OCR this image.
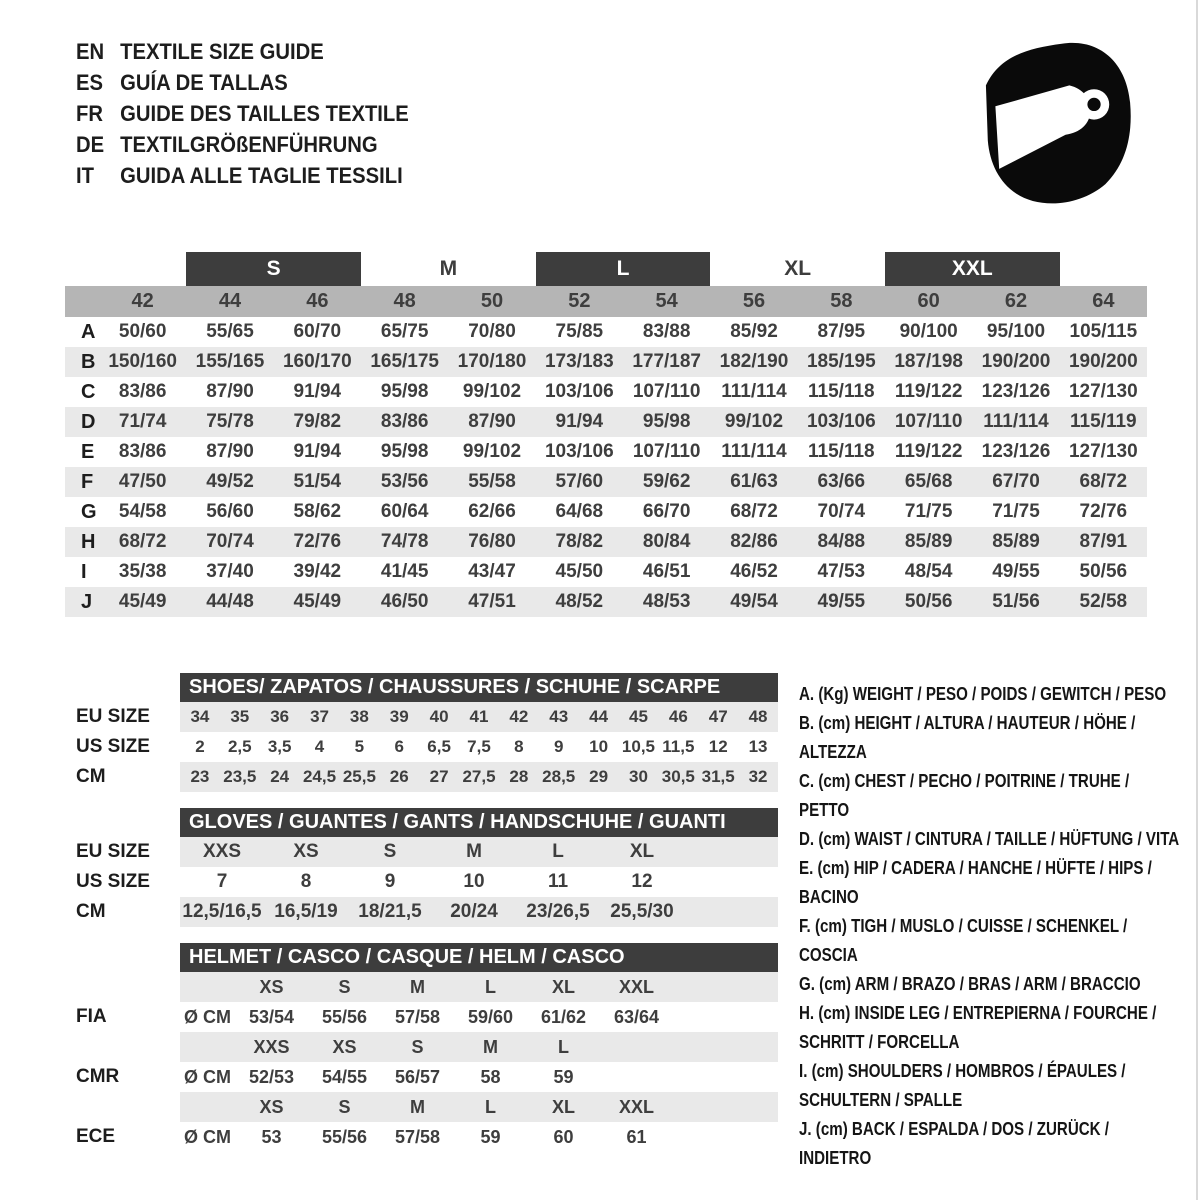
EN TEXTILE SIZE GUIDE
ES GUÍA DE TALLAS
FR GUIDE DES TAILLES TEXTILE
DE TEXTILGRÖßENFÜHRUNG
IT	GUIDA ALLE TAGLIE TESSILI
S	M	L	XL	XXL
42	44	46	48	50	52	54	56	58	60	62	64
A	50/60	55/65	60/70	65/75	70/80	75/85	83/88	85/92	87/95	90/100	95/100	105/115
B 150/160 155/165 160/170 165/175 170/180 173/183 177/187 182/190 185/195 187/198 190/200 190/200
C	83/86	87/90	91/94	95/98	99/102	103/106	107/110	111/114	115/118	119/122	123/126 127/130
D	71/74	75/78	79/82	83/86	87/90	91/94	95/98	99/102	103/106	107/110	111/114	115/119
E	83/86	87/90	91/94	95/98	99/102	103/106	107/110	111/114	115/118	119/122	123/126 127/130
F	47/50	49/52	51/54	53/56	55/58	57/60	59/62	61/63	63/66	65/68	67/70	68/72
G	54/58	56/60	58/62	60/64	62/66	64/68	66/70	68/72	70/74	71/75	71/75	72/76
H	68/72	70/74	72/76	74/78	76/80	78/82	80/84	82/86	84/88	85/89	85/89	87/91
I	35/38	37/40	39/42	41/45	43/47	45/50	46/51	46/52	47/53	48/54	49/55	50/56
J	45/49	44/48	45/49	46/50	47/51	48/52	48/53	49/54	49/55	50/56	51/56	52/58
SHOES/ ZAPATOS / CHAUSSURES / SCHUHE / SCARPE
EU SIZE	34	35	36	37	38	39	40	41	42	43	44	45	46	47	48
US SIZE	2	2,5 3,5	4	5	6	6,5 7,5	8	9	10 10,5 11,5 12	13
CM	23 23,5 24 24,5 25,5 26	27 27,5 28 28,5 29	30 30,5 31,5 32
GLOVES / GUANTES / GANTS / HANDSCHUHE / GUANTI
EU SIZE	XXS	XS	S	M	L	XL
US SIZE	7	8	9	10	11	12
CM	12,5/16,5 16,5/19	18/21,5	20/24	23/26,5	25,5/30
HELMET / CASCO / CASQUE / HELM / CASCO
XS	S	M	L	XL	XXL
FIA	Ø CM 53/54	55/56	57/58	59/60	61/62	63/64
XXS	XS	S	M	L
CMR	Ø CM 52/53	54/55	56/57	58	59
XS	S	M	L	XL	XXL
ECE	Ø CM	53	55/56	57/58	59	60	61
A. (Kg) WEIGHT / PESO / POIDS / GEWITCH / PESO
B. (cm) HEIGHT / ALTURA / HAUTEUR / HÖHE / ALTEZZA
C. (cm) CHEST / PECHO / POITRINE / TRUHE / PETTO
D. (cm) WAIST / CINTURA / TAILLE / HÜFTUNG / VITA
E. (cm) HIP / CADERA / HANCHE / HÜFTE / HIPS / BACINO
F. (cm) TIGH / MUSLO / CUISSE / SCHENKEL / COSCIA
G. (cm) ARM / BRAZO / BRAS / ARM / BRACCIO
H. (cm) INSIDE LEG / ENTREPIERNA / FOURCHE / SCHRITT / FORCELLA
I. (cm) SHOULDERS / HOMBROS / ÉPAULES / SCHULTERN / SPALLE
J. (cm) BACK / ESPALDA / DOS / ZURÜCK / INDIETRO
